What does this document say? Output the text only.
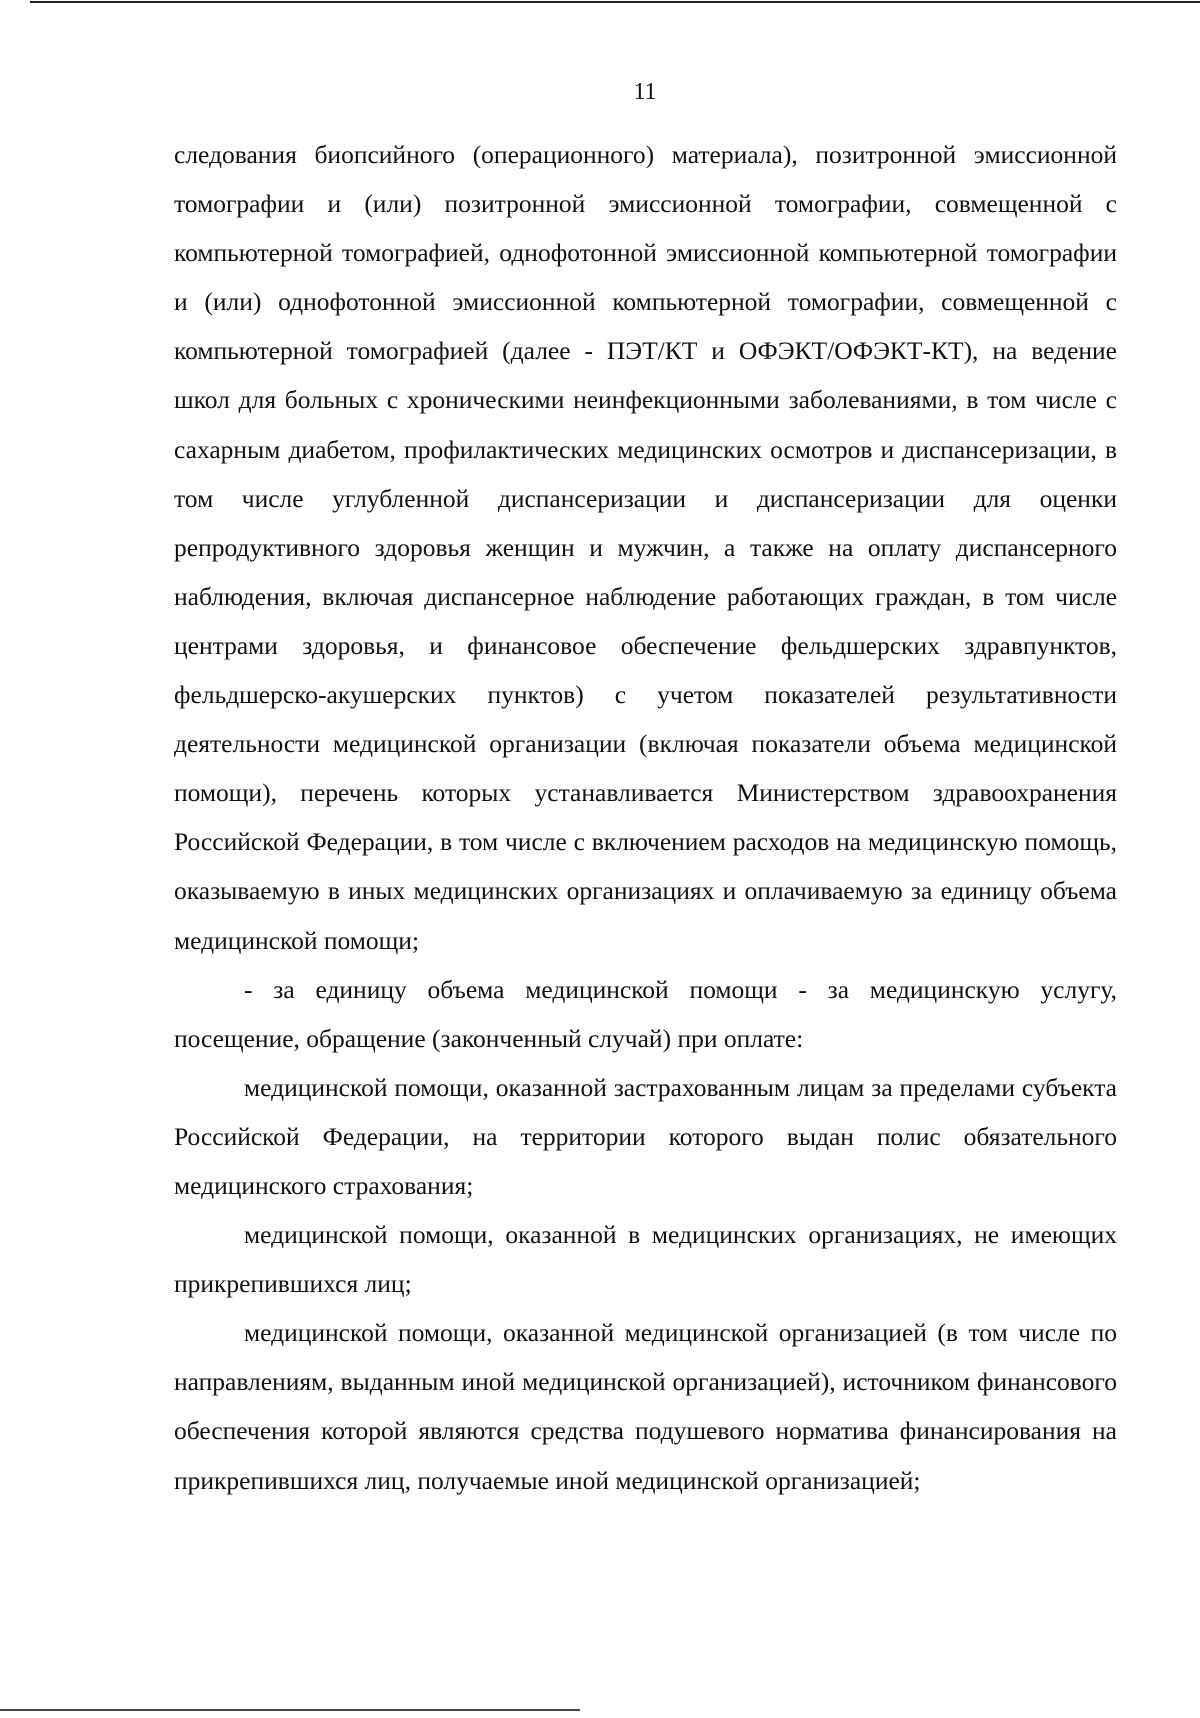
11

следования биопсийного (операционного) материала), позитронной эмиссионной томографии и (или) позитронной эмиссионной томографии, совмещенной с компьютерной томографией, однофотонной эмиссионной компьютерной томографии и (или) однофотонной эмиссионной компьютерной томографии, совмещенной с компьютерной томографией (далее - ПЭТ/КТ и ОФЭКТ/ОФЭКТ-КТ), на ведение школ для больных с хроническими неинфекционными заболеваниями, в том числе с сахарным диабетом, профилактических медицинских осмотров и диспансеризации, в том числе углубленной диспансеризации и диспансеризации для оценки репродуктивного здоровья женщин и мужчин, а также на оплату диспансерного наблюдения, включая диспансерное наблюдение работающих граждан, в том числе центрами здоровья, и финансовое обеспечение фельдшерских здравпунктов, фельдшерско-акушерских пунктов) с учетом показателей результативности деятельности медицинской организации (включая показатели объема медицинской помощи), перечень которых устанавливается Министерством здравоохранения Российской Федерации, в том числе с включением расходов на медицинскую помощь, оказываемую в иных медицинских организациях и оплачиваемую за единицу объема медицинской помощи;

- за единицу объема медицинской помощи - за медицинскую услугу, посещение, обращение (законченный случай) при оплате:

медицинской помощи, оказанной застрахованным лицам за пределами субъекта Российской Федерации, на территории которого выдан полис обязательного медицинского страхования;

медицинской помощи, оказанной в медицинских организациях, не имеющих прикрепившихся лиц;

медицинской помощи, оказанной медицинской организацией (в том числе по направлениям, выданным иной медицинской организацией), источником финансового обеспечения которой являются средства подушевого норматива финансирования на прикрепившихся лиц, получаемые иной медицинской организацией;
